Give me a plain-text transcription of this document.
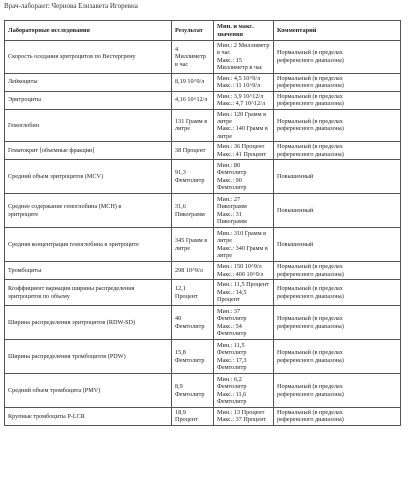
Врач-лаборант: Чернова Елизавета Игоревна
Лабораторные исследования	Результат	Мин. и макс.
значения	Комментарий

Скорость оседания эритроцитов по Вестергрену	4 Миллиметр
в час	Мин.: 2 Миллиметр
в час
Макс.: 15
Миллиметр в час	Нормальный (в пределах
референсного диапазона)

Лейкоциты	8,19 10^9/л	Мин.: 4,5 10^9/л
Макс.: 11 10^9/л	Нормальный (в пределах
референсного диапазона)

Эритроциты	4,16 10^12/л	Мин.: 3,9 10^12/л
Макс.: 4,7 10^12/л	Нормальный (в пределах
референсного диапазона)

Гемоглобин	131 Грамм в
литре	Мин.: 120 Грамм в
литре
Макс.: 140 Грамм в
литре	Нормальный (в пределах
референсного диапазона)

Гематокрит [объемные фракции]	38 Процент	Мин.: 36 Процент
Макс.: 41 Процент	Нормальный (в пределах
референсного диапазона)

Средний объем эритроцитов (MCV)	91,3
Фемтолитр	Мин.: 80
Фемтолитр
Макс.: 90
Фемтолитр	Повышенный

Среднее содержание гемоглобина (MCH) в
эритроците	31,6
Пикограмм	Мин.: 27
Пикограмм
Макс.: 31
Пикограмм	Повышенный

Средняя концентрация гемоглобина в эритроците	345 Грамм в
литре	Мин.: 310 Грамм в
литре
Макс.: 340 Грамм в
литре	Повышенный

Тромбоциты	298 10^9/л	Мин.: 150 10^9/л
Макс.: 400 10^9/л	Нормальный (в пределах
референсного диапазона)

Коэффициент вариации ширины распределения
эритроцитов по объему	12,1 Процент	Мин.: 11,5 Процент
Макс.: 14,5
Процент	Нормальный (в пределах
референсного диапазона)

Ширина распределения эритроцитов (RDW-SD)	40
Фемтолитр	Мин.: 37
Фемтолитр
Макс.: 54
Фемтолитр	Нормальный (в пределах
референсного диапазона)

Ширина распределения тромбоцитов (PDW)	15,8
Фемтолитр	Мин.: 11,5
Фемтолитр
Макс.: 17,3
Фемтолитр	Нормальный (в пределах
референсного диапазона)

Средний объем тромбоцита (PMV)	8,9
Фемтолитр	Мин.: 6,2
Фемтолитр
Макс.: 11,6
Фемтолитр	Нормальный (в пределах
референсного диапазона)

Крупные тромбоциты P-LCR	18,9 Процент	Мин.: 13 Процент
Макс.: 37 Процент	Нормальный (в пределах
референсного диапазона)
